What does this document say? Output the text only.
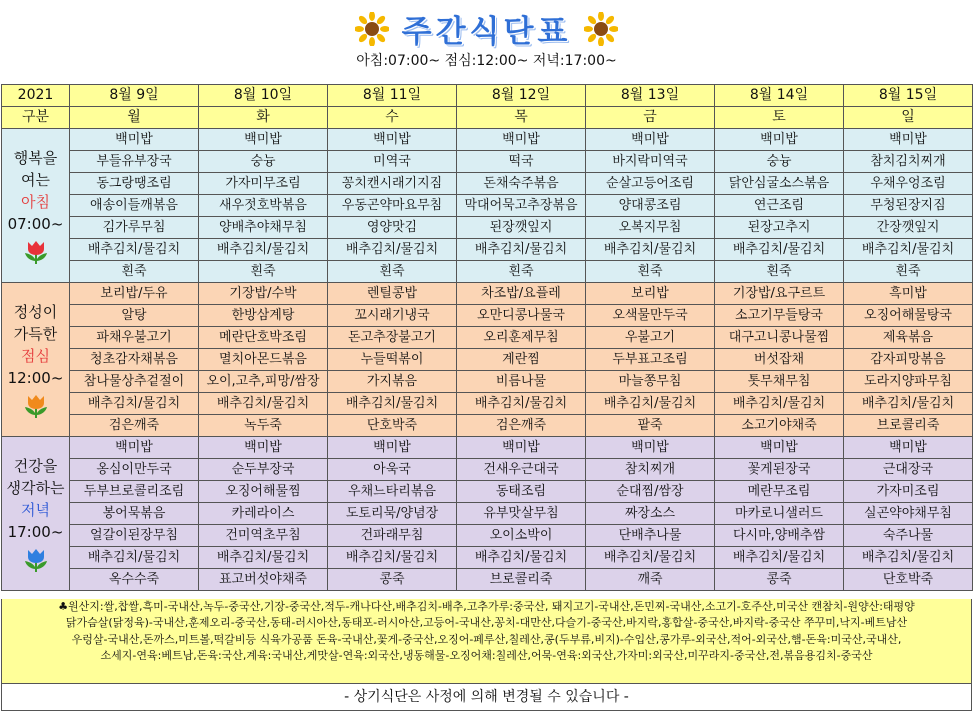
주간식단표
아침:07:00~ 점심:12:00~ 저녁:17:00~
2021	8월 9일	8월 10일	8월 11일	8월 12일	8월 13일	8월 14일	8월 15일
구분	월	화	수	목	금	토	일

행복을
여는
아침
07:00~	백미밥	백미밥	백미밥	백미밥	백미밥	백미밥	백미밥
	부들유부장국	숭늉	미역국	떡국	바지락미역국	숭늉	참치김치찌개
	동그랑땡조림	가자미무조림	꽁치캔시래기지짐	돈채숙주볶음	순살고등어조림	닭안심굴소스볶음	우채우엉조림
	애송이들깨볶음	새우젓호박볶음	우동곤약마요무침	막대어묵고추장볶음	양대콩조림	연근조림	무청된장지짐
	김가루무침	양배추야채무침	영양맛김	된장깻잎지	오복지무침	된장고추지	간장깻잎지
	배추김치/물김치	배추김치/물김치	배추김치/물김치	배추김치/물김치	배추김치/물김치	배추김치/물김치	배추김치/물김치
	흰죽	흰죽	흰죽	흰죽	흰죽	흰죽	흰죽

정성이
가득한
점심
12:00~	보리밥/두유	기장밥/수박	렌틸콩밥	차조밥/요플레	보리밥	기장밥/요구르트	흑미밥
	알탕	한방삼계탕	꼬시래기냉국	오만디콩나물국	오색물만두국	소고기무들탕국	오징어해물탕국
	파채우불고기	메란단호박조림	돈고추장불고기	오리훈제무침	우불고기	대구고니콩나물찜	제육볶음
	청초감자채볶음	멸치아몬드볶음	누들떡볶이	계란찜	두부표고조림	버섯잡채	감자피망볶음
	참나물상추겉절이	오이,고추,피망/쌈장	가지볶음	비름나물	마늘쫑무침	톳무채무침	도라지양파무침
	배추김치/물김치	배추김치/물김치	배추김치/물김치	배추김치/물김치	배추김치/물김치	배추김치/물김치	배추김치/물김치
	검은깨죽	녹두죽	단호박죽	검은깨죽	팥죽	소고기야채죽	브로콜리죽

건강을
생각하는
저녁
17:00~	백미밥	백미밥	백미밥	백미밥	백미밥	백미밥	백미밥
	옹심이만두국	순두부장국	아욱국	건새우근대국	참치찌개	꽃게된장국	근대장국
	두부브로콜리조림	오징어해물찜	우채느타리볶음	동태조림	순대찜/쌈장	메란무조림	가자미조림
	봉어묵볶음	카레라이스	도토리묵/양념장	유부맛살무침	짜장소스	마카로니샐러드	실곤약야채무침
	얼갈이된장무침	건미역초무침	건파래무침	오이소박이	단배추나물	다시마,양배추쌈	숙주나물
	배추김치/물김치	배추김치/물김치	배추김치/물김치	배추김치/물김치	배추김치/물김치	배추김치/물김치	배추김치/물김치
	옥수수죽	표고버섯야채죽	콩죽	브로콜리죽	깨죽	콩죽	단호박죽
♣원산지:쌀,찹쌀,흑미-국내산,녹두-중국산,기장-중국산,적두-캐나다산,배추김치-배추,고추가루:중국산, 돼지고기-국내산,돈민찌-국내산,소고기-호주산,미국산 캔참치-원양산:태평양
닭가슴살(닭정육)-국내산,훈제오리-중국산,동태-러시아산,동태포-러시아산,고등어-국내산,꽁치-대만산,다슬기-중국산,바지락,홍합살-중국산,바지락-중국산 쭈꾸미,낙지-베트남산
우렁살-국내산,돈까스,미트볼,떡갈비등 식육가공품 돈육-국내산,꽃게-중국산,오징어-페루산,칠레산,콩(두부류,비지)-수입산,콩가루-외국산,적어-외국산,햄-돈육:미국산,국내산,
소세지-연육:베트남,돈육:국산,계육:국내산,게맛살-연육:외국산,냉동해물-오징어채:칠레산,어묵-연육:외국산,가자미:외국산,미꾸라지-중국산,전,볶음용김치-중국산
- 상기식단은 사정에 의해 변경될 수 있습니다 -
